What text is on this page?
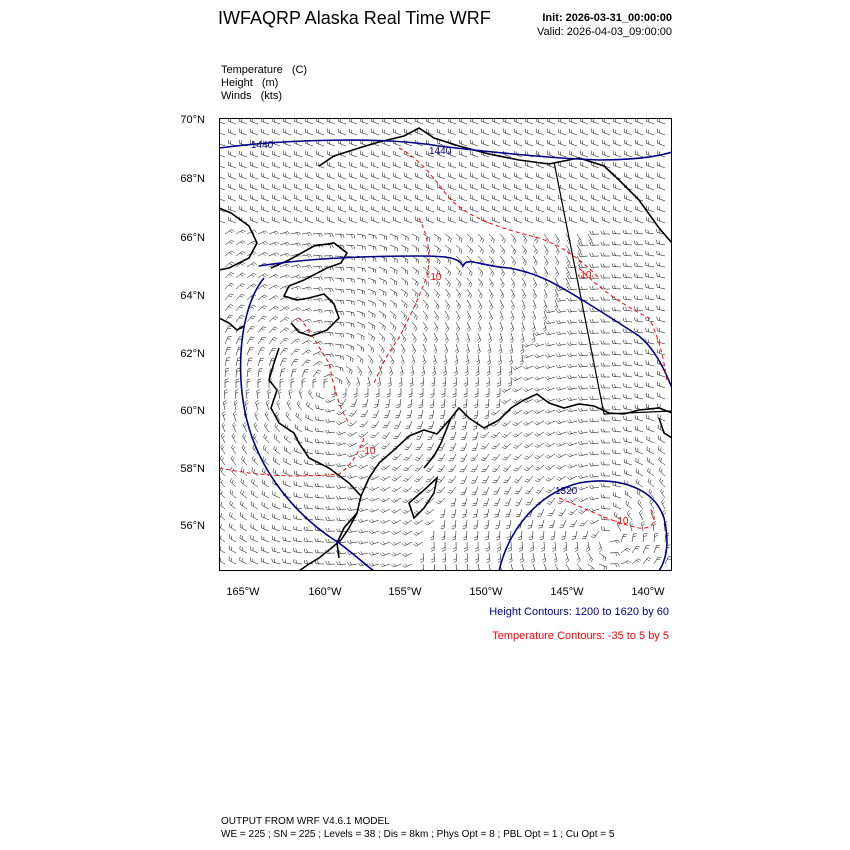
IWFAQRP Alaska Real Time WRF	Init: 2026-03-31_00:00:00
Valid: 2026-04-03_09:00:00
Temperature (C)
Height (m)
Winds (kts)
70°N
68°N
66°N
64°N
62°N
60°N
58°N
56°N
165°W	160°W	155°W	150°W	145°W	140°W
1440
1440
1320
-10	-10
-10
-10
Height Contours: 1200 to 1620 by 60
Temperature Contours: -35 to 5 by 5
OUTPUT FROM WRF V4.6.1 MODEL
WE = 225 ; SN = 225 ; Levels = 38 ; Dis = 8km ; Phys Opt = 8 ; PBL Opt = 1 ; Cu Opt = 5
